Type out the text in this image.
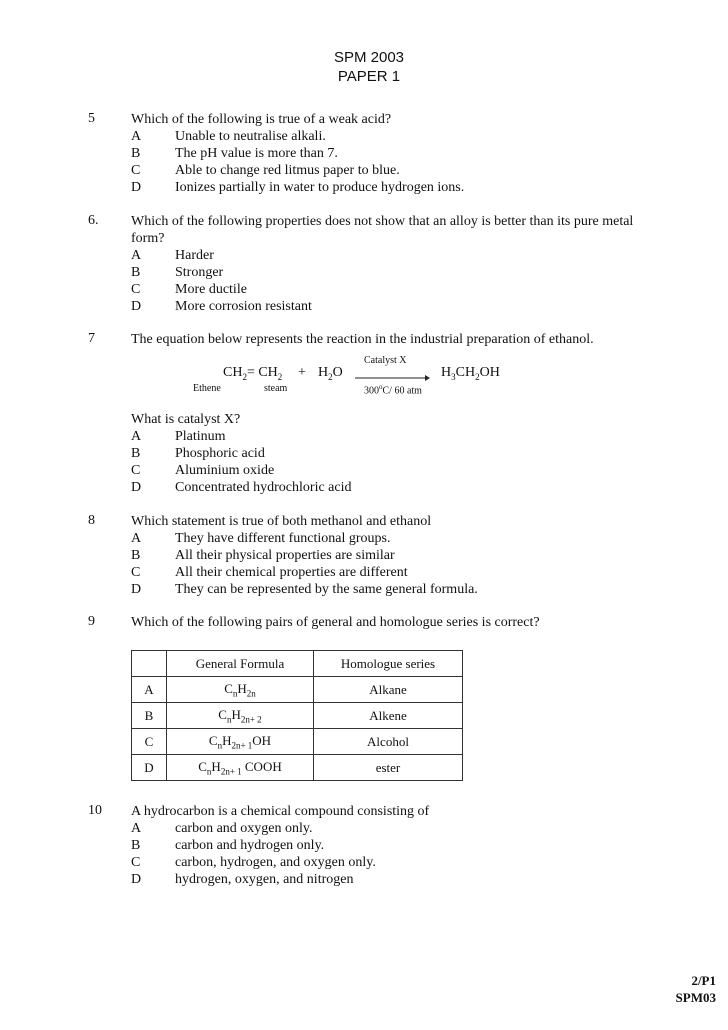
SPM 2003
PAPER 1
5	Which of the following is true of a weak acid?
A Unable to neutralise alkali.
B The pH value is more than 7.
C Able to change red litmus paper to blue.
D Ionizes partially in water to produce hydrogen ions.
6. Which of the following properties does not show that an alloy is better than its pure metal form?
A Harder
B Stronger
C More ductile
D More corrosion resistant
7	The equation below represents the reaction in the industrial preparation of ethanol.
Catalyst X
$CH_2= CH_2 + H_2O$	$H_3CH_2OH$
Ethene	steam	300$^o$C/ 60 atm
What is catalyst X?
A Platinum
B Phosphoric acid
C Aluminium oxide
D Concentrated hydrochloric acid
8	Which statement is true of both methanol and ethanol
A They have different functional groups.
B All their physical properties are similar
C All their chemical properties are different
D They can be represented by the same general formula.
9	Which of the following pairs of general and homologue series is correct?
	General Formula	Homologue series
A	$C_nH_{2n}$	Alkane
B	$C_nH_{2n+ 2}$	Alkene
C	$C_nH_{2n+ 1}OH$	Alcohol
D	$C_nH_{2n+ 1}$ COOH	ester
10 A hydrocarbon is a chemical compound consisting of
A carbon and oxygen only.
B carbon and hydrogen only.
C carbon, hydrogen, and oxygen only.
D hydrogen, oxygen, and nitrogen
2/P1
SPM03
